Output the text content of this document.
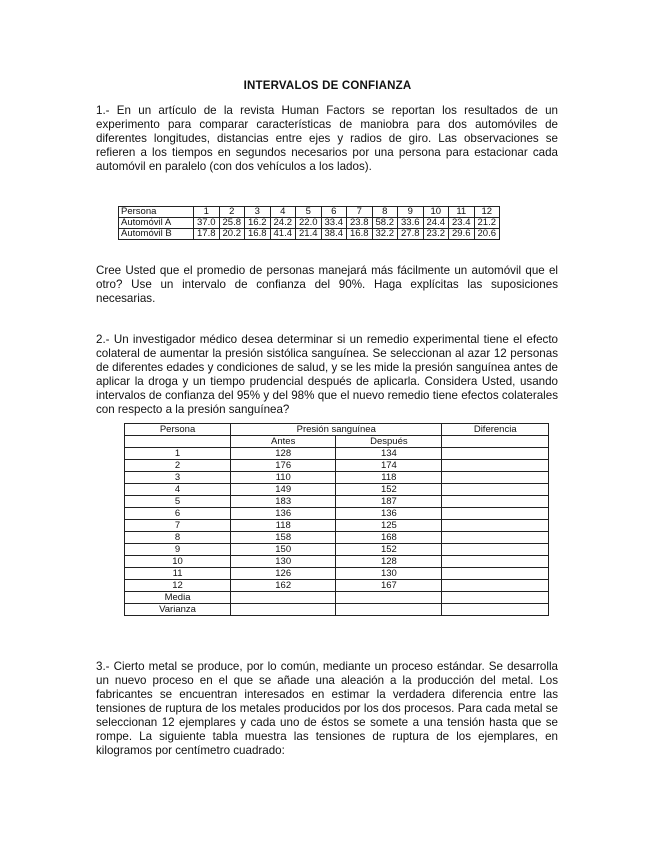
INTERVALOS DE CONFIANZA

1.- En un artículo de la revista Human Factors se reportan los resultados de un experimento para comparar características de maniobra para dos automóviles de diferentes longitudes, distancias entre ejes y radios de giro. Las observaciones se refieren a los tiempos en segundos necesarios por una persona para estacionar cada automóvil en paralelo (con dos vehículos a los lados).

Persona	1	2	3	4	5	6	7	8	9	10	11	12
Automóvil A	37.0	25.8	16.2	24.2	22.0	33.4	23.8	58.2	33.6	24.4	23.4	21.2
Automóvil B	17.8	20.2	16.8	41.4	21.4	38.4	16.8	32.2	27.8	23.2	29.6	20.6

Cree Usted que el promedio de personas manejará más fácilmente un automóvil que el otro? Use un intervalo de confianza del 90%. Haga explícitas las suposiciones necesarias.

2.- Un investigador médico desea determinar si un remedio experimental tiene el efecto colateral de aumentar la presión sistólica sanguínea. Se seleccionan al azar 12 personas de diferentes edades y condiciones de salud, y se les mide la presión sanguínea antes de aplicar la droga y un tiempo prudencial después de aplicarla. Considera Usted, usando intervalos de confianza del 95% y del 98% que el nuevo remedio tiene efectos colaterales con respecto a la presión sanguínea?

Persona	Presión sanguínea		Diferencia
	Antes	Después	
1	128	134	
2	176	174	
3	110	118	
4	149	152	
5	183	187	
6	136	136	
7	118	125	
8	158	168	
9	150	152	
10	130	128	
11	126	130	
12	162	167	
Media			
Varianza			

3.- Cierto metal se produce, por lo común, mediante un proceso estándar. Se desarrolla un nuevo proceso en el que se añade una aleación a la producción del metal. Los fabricantes se encuentran interesados en estimar la verdadera diferencia entre las tensiones de ruptura de los metales producidos por los dos procesos. Para cada metal se seleccionan 12 ejemplares y cada uno de éstos se somete a una tensión hasta que se rompe. La siguiente tabla muestra las tensiones de ruptura de los ejemplares, en kilogramos por centímetro cuadrado:
